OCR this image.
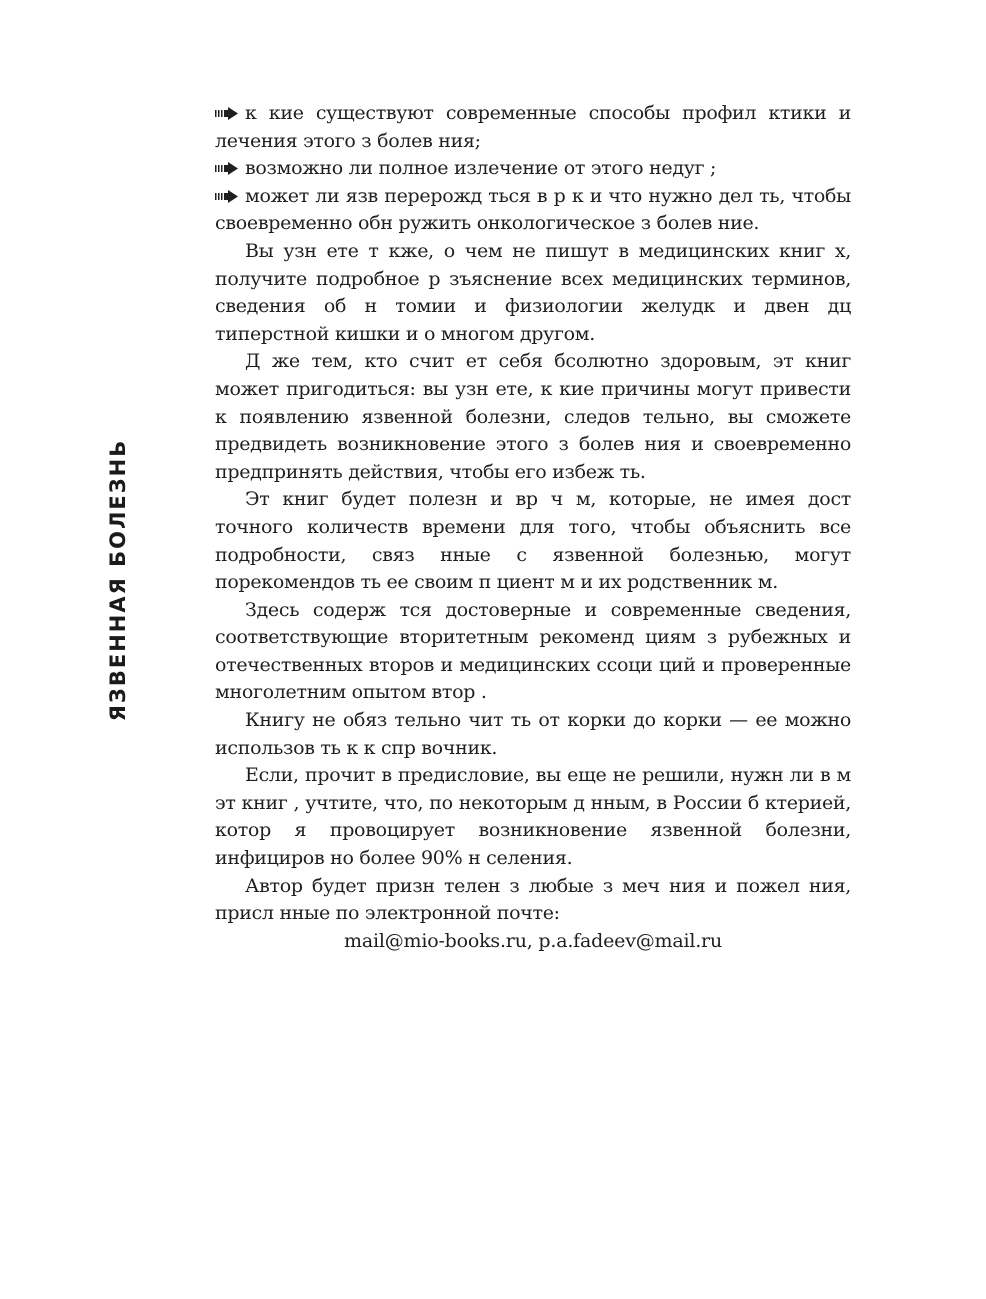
ЯЗВЕННАЯ БОЛЕЗНЬ

к кие существуют современные способы профил ктики и лечения этого з болев ния;

возможно ли полное излечение от этого недуг ;

может ли язв перерожд ться в р к и что нужно дел ть, чтобы своевременно обн ружить онкологическое з болев ние.

Вы узн ете т кже, о чем не пишут в медицинских книг х, получите подробное р зъяснение всех медицинских терминов, сведения об н томии и физиологии желудк и двен дц типерстной кишки и о многом другом.

Д же тем, кто счит ет себя бсолютно здоровым, эт книг может пригодиться: вы узн ете, к кие причины могут привести к появлению язвенной болезни, следов тельно, вы сможете предвидеть возникновение этого з болев ния и своевременно предпринять действия, чтобы его избеж ть.

Эт книг будет полезн и вр ч м, которые, не имея дост точного количеств времени для того, чтобы объяснить все подробности, связ нные с язвенной болезнью, могут порекомендов ть ее своим п циент м и их родственник м.

Здесь содерж тся достоверные и современные сведения, соответствующие вторитетным рекоменд циям з рубежных и отечественных второв и медицинских ссоци ций и проверенные многолетним опытом втор .

Книгу не обяз тельно чит ть от корки до корки — ее можно использов ть к к спр вочник.

Если, прочит в предисловие, вы еще не решили, нужн ли в м эт книг , учтите, что, по некоторым д нным, в России б ктерией, котор я провоцирует возникновение язвенной болезни, инфициров но более 90% н селения.

Автор будет призн телен з любые з меч ния и пожел ния, присл нные по электронной почте:

mail@mio-books.ru, p.a.fadeev@mail.ru
